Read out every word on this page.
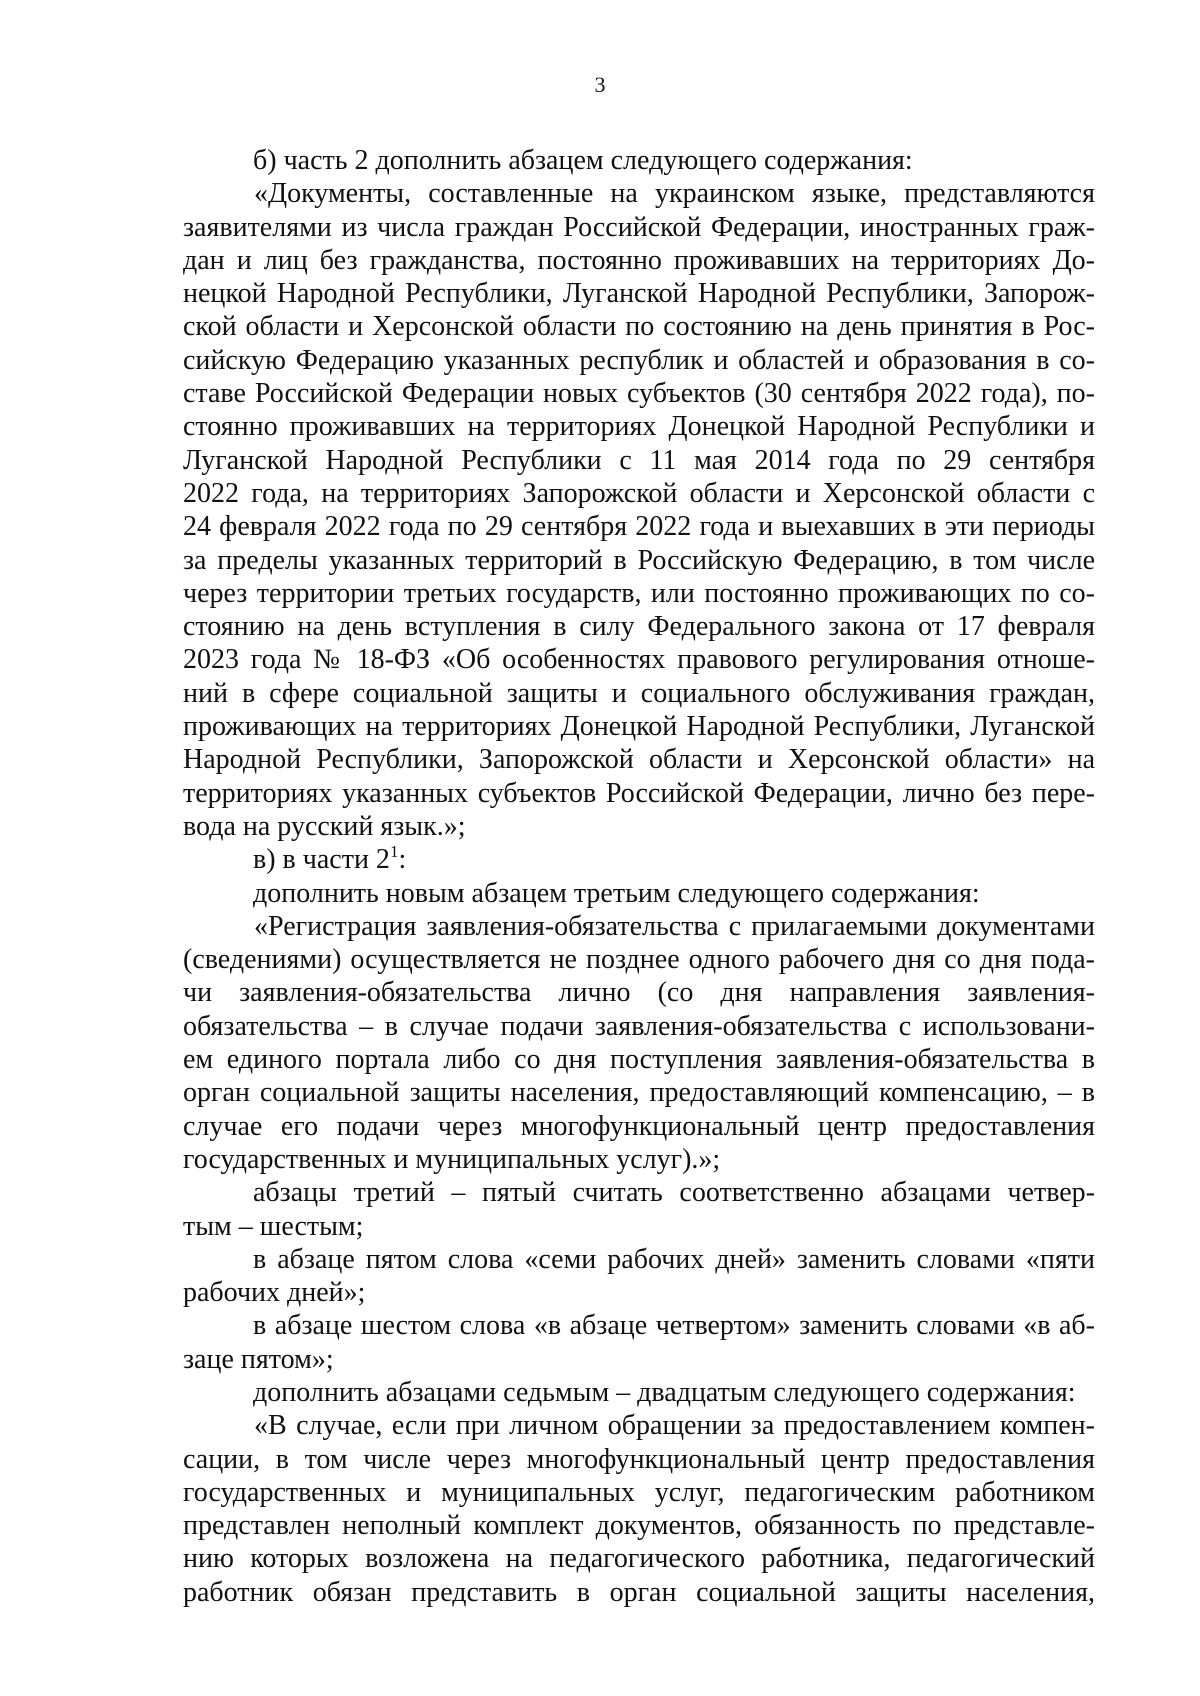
3
б) часть 2 дополнить абзацем следующего содержания:
«Документы, составленные на украинском языке, представляются
заявителями из числа граждан Российской Федерации, иностранных граж-
дан и лиц без гражданства, постоянно проживавших на территориях До-
нецкой Народной Республики, Луганской Народной Республики, Запорож-
ской области и Херсонской области по состоянию на день принятия в Рос-
сийскую Федерацию указанных республик и областей и образования в со-
ставе Российской Федерации новых субъектов (30 сентября 2022 года), по-
стоянно проживавших на территориях Донецкой Народной Республики и
Луганской Народной Республики с 11 мая 2014 года по 29 сентября
2022 года, на территориях Запорожской области и Херсонской области с
24 февраля 2022 года по 29 сентября 2022 года и выехавших в эти периоды
за пределы указанных территорий в Российскую Федерацию, в том числе
через территории третьих государств, или постоянно проживающих по со-
стоянию на день вступления в силу Федерального закона от 17 февраля
2023 года № 18-ФЗ «Об особенностях правового регулирования отноше-
ний в сфере социальной защиты и социального обслуживания граждан,
проживающих на территориях Донецкой Народной Республики, Луганской
Народной Республики, Запорожской области и Херсонской области» на
территориях указанных субъектов Российской Федерации, лично без пере-
вода на русский язык.»;
в) в части $2^1$:
дополнить новым абзацем третьим следующего содержания:
«Регистрация заявления-обязательства с прилагаемыми документами
(сведениями) осуществляется не позднее одного рабочего дня со дня пода-
чи заявления-обязательства лично (со дня направления заявления-
обязательства – в случае подачи заявления-обязательства с использовани-
ем единого портала либо со дня поступления заявления-обязательства в
орган социальной защиты населения, предоставляющий компенсацию, – в
случае его подачи через многофункциональный центр предоставления
государственных и муниципальных услуг).»;
абзацы третий – пятый считать соответственно абзацами четвер-
тым – шестым;
в абзаце пятом слова «семи рабочих дней» заменить словами «пяти
рабочих дней»;
в абзаце шестом слова «в абзаце четвертом» заменить словами «в аб-
заце пятом»;
дополнить абзацами седьмым – двадцатым следующего содержания:
«В случае, если при личном обращении за предоставлением компен-
сации, в том числе через многофункциональный центр предоставления
государственных и муниципальных услуг, педагогическим работником
представлен неполный комплект документов, обязанность по представле-
нию которых возложена на педагогического работника, педагогический
работник обязан представить в орган социальной защиты населения,
